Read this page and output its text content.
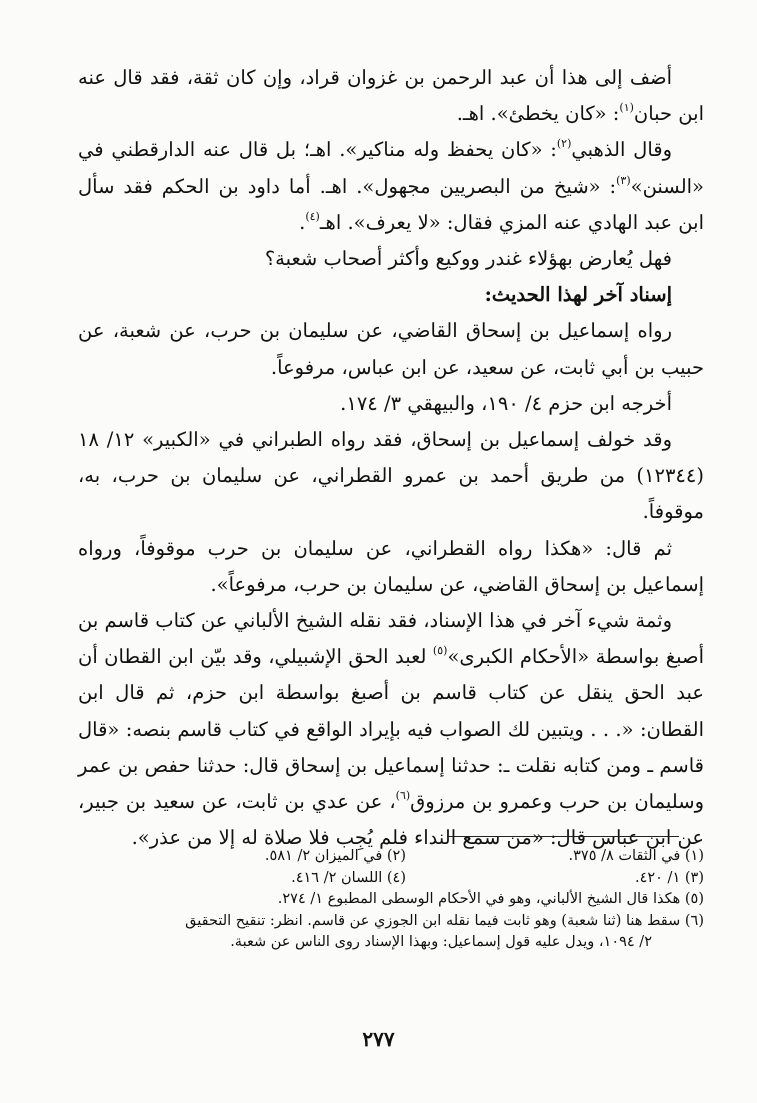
أضف إلى هذا أن عبد الرحمن بن غزوان قراد، وإن كان ثقة، فقد قال عنه ابن حبان$^{(١)}$: «كان يخطئ». اهـ.

وقال الذهبي$^{(٢)}$: «كان يحفظ وله مناكير». اهـ؛ بل قال عنه الدارقطني في «السنن»$^{(٣)}$: «شيخ من البصريين مجهول». اهـ. أما داود بن الحكم فقد سأل ابن عبد الهادي عنه المزي فقال: «لا يعرف». اهـ$^{(٤)}$.

فهل يُعارض بهؤلاء غندر ووكيع وأكثر أصحاب شعبة؟

إسناد آخر لهذا الحديث:

رواه إسماعيل بن إسحاق القاضي، عن سليمان بن حرب، عن شعبة، عن حبيب بن أبي ثابت، عن سعيد، عن ابن عباس، مرفوعاً.

أخرجه ابن حزم ٤/ ١٩٠، والبيهقي ٣/ ١٧٤.

وقد خولف إسماعيل بن إسحاق، فقد رواه الطبراني في «الكبير» ١٢/ ١٨ (١٢٣٤٤) من طريق أحمد بن عمرو القطراني، عن سليمان بن حرب، به، موقوفاً.

ثم قال: «هكذا رواه القطراني، عن سليمان بن حرب موقوفاً، ورواه إسماعيل بن إسحاق القاضي، عن سليمان بن حرب، مرفوعاً».

وثمة شيء آخر في هذا الإسناد، فقد نقله الشيخ الألباني عن كتاب قاسم بن أصبغ بواسطة «الأحكام الكبرى»$^{(٥)}$ لعبد الحق الإشبيلي، وقد بيّن ابن القطان أن عبد الحق ينقل عن كتاب قاسم بن أصبغ بواسطة ابن حزم، ثم قال ابن القطان: «. . . ويتبين لك الصواب فيه بإيراد الواقع في كتاب قاسم بنصه: «قال قاسم ـ ومن كتابه نقلت ـ: حدثنا إسماعيل بن إسحاق قال: حدثنا حفص بن عمر وسليمان بن حرب وعمرو بن مرزوق$^{(٦)}$، عن عدي بن ثابت، عن سعيد بن جبير، عن ابن عباس قال: «من سمع النداء فلم يُجِب فلا صلاة له إلا من عذر».

(١) في الثقات ٨/ ٣٧٥.
(٢) في الميزان ٢/ ٥٨١.
(٣) ١/ ٤٢٠.
(٤) اللسان ٢/ ٤١٦.
(٥) هكذا قال الشيخ الألباني، وهو في الأحكام الوسطى المطبوع ١/ ٢٧٤.
(٦) سقط هنا (ثنا شعبة) وهو ثابت فيما نقله ابن الجوزي عن قاسم. انظر: تنقيح التحقيق
٢/ ١٠٩٤، ويدل عليه قول إسماعيل: وبهذا الإسناد روى الناس عن شعبة.
٢٧٧
